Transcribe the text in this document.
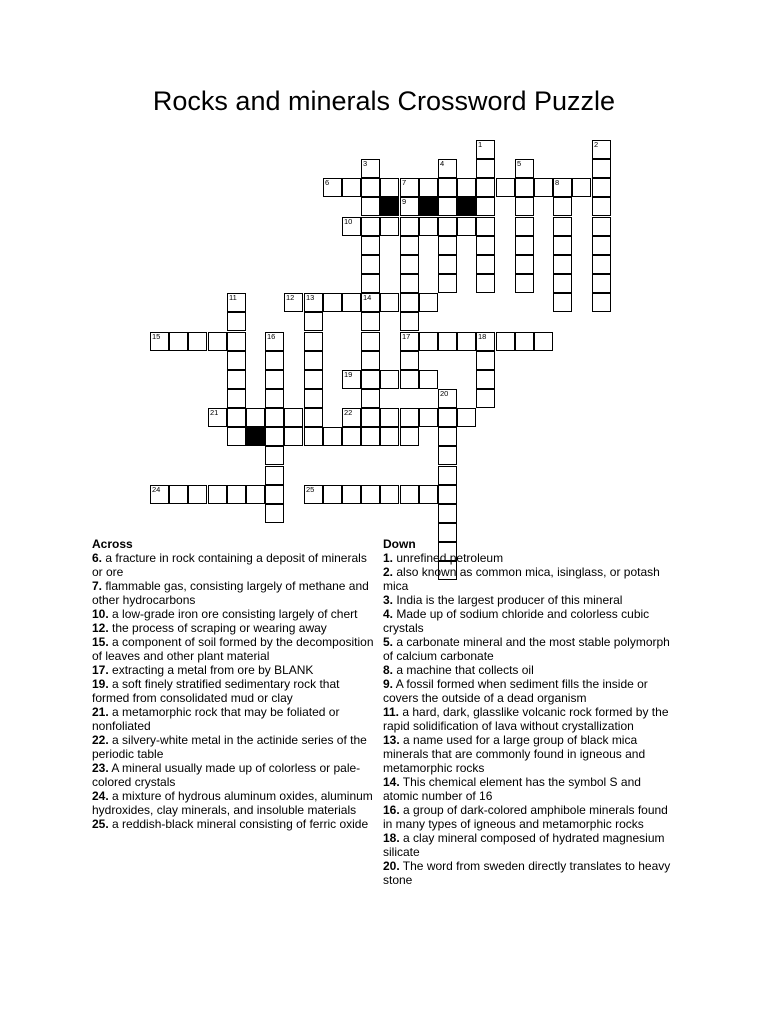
Rocks and minerals Crossword Puzzle
6	7	8
10
12 13	14
15	17	18
19
21	22
23
24	25
1	2
3	4	5
9
11
16
20
Across
6. a fracture in rock containing a deposit of minerals or ore
7. flammable gas, consisting largely of methane and other hydrocarbons
10. a low-grade iron ore consisting largely of chert
12. the process of scraping or wearing away
15. a component of soil formed by the decomposition of leaves and other plant material
17. extracting a metal from ore by BLANK
19. a soft finely stratified sedimentary rock that formed from consolidated mud or clay
21. a metamorphic rock that may be foliated or nonfoliated
22. a silvery-white metal in the actinide series of the periodic table
23. A mineral usually made up of colorless or pale-colored crystals
24. a mixture of hydrous aluminum oxides, aluminum hydroxides, clay minerals, and insoluble materials
25. a reddish-black mineral consisting of ferric oxide
Down
1. unrefined petroleum
2. also known as common mica, isinglass, or potash mica
3. India is the largest producer of this mineral
4. Made up of sodium chloride and colorless cubic crystals
5. a carbonate mineral and the most stable polymorph of calcium carbonate
8. a machine that collects oil
9. A fossil formed when sediment fills the inside or covers the outside of a dead organism
11. a hard, dark, glasslike volcanic rock formed by the rapid solidification of lava without crystallization
13. a name used for a large group of black mica minerals that are commonly found in igneous and metamorphic rocks
14. This chemical element has the symbol S and atomic number of 16
16. a group of dark-colored amphibole minerals found in many types of igneous and metamorphic rocks
18. a clay mineral composed of hydrated magnesium silicate
20. The word from sweden directly translates to heavy stone
